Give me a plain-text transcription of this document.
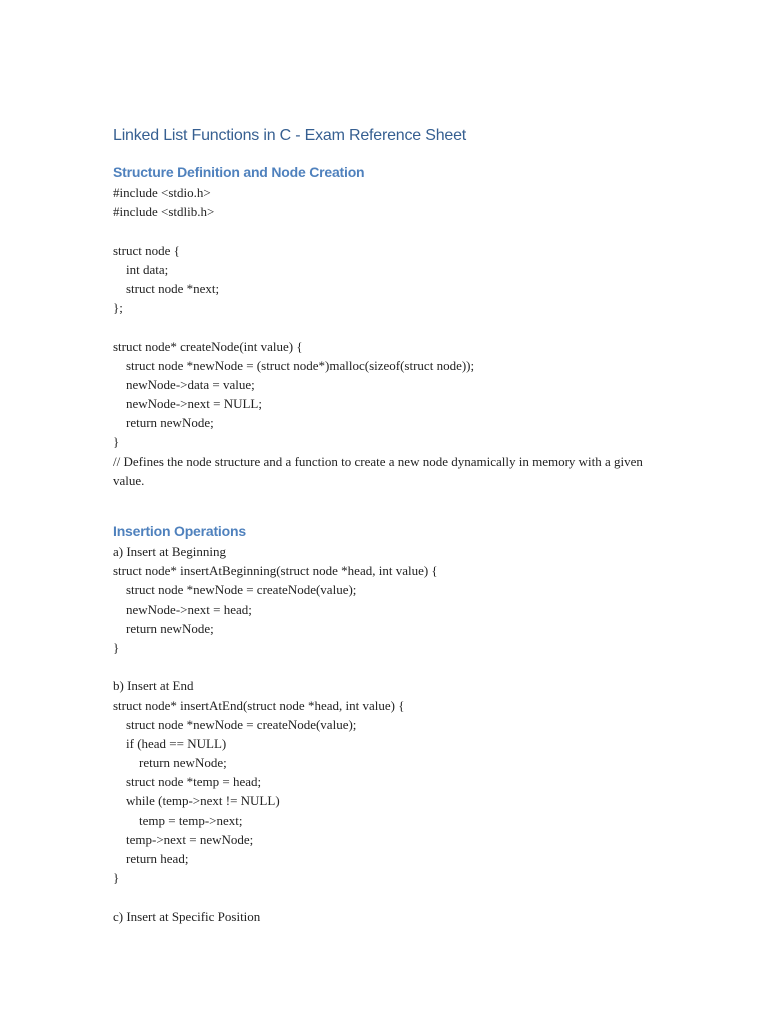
Linked List Functions in C - Exam Reference Sheet
Structure Definition and Node Creation
#include <stdio.h>
#include <stdlib.h>
struct node {
int data;
struct node *next;
};
struct node* createNode(int value) {
struct node *newNode = (struct node*)malloc(sizeof(struct node));
newNode->data = value;
newNode->next = NULL;
return newNode;
}

// Defines the node structure and a function to create a new node dynamically in memory with a given value.

Insertion Operations
a) Insert at Beginning
struct node* insertAtBeginning(struct node *head, int value) {
struct node *newNode = createNode(value);
newNode->next = head;
return newNode;
}
b) Insert at End
struct node* insertAtEnd(struct node *head, int value) {
struct node *newNode = createNode(value);
if (head == NULL)
return newNode;
struct node *temp = head;
while (temp->next != NULL)
temp = temp->next;
temp->next = newNode;
return head;
}
c) Insert at Specific Position
